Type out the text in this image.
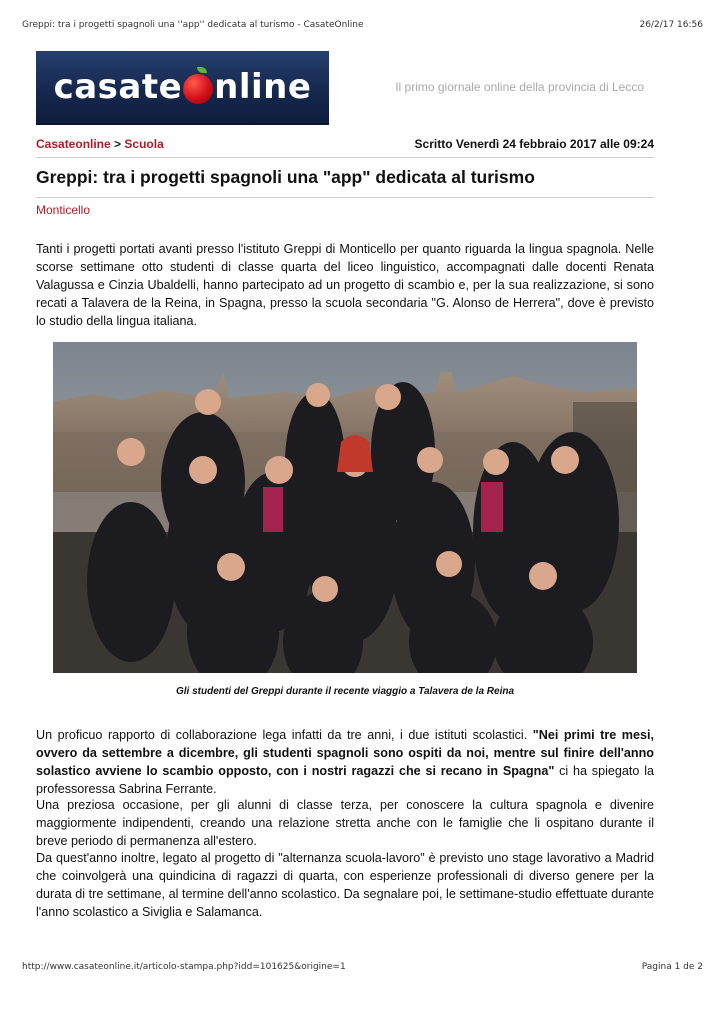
Greppi: tra i progetti spagnoli una ''app'' dedicata al turismo - CasateOnline	26/2/17 16:56
casate nline	Il primo giornale online della provincia di Lecco
Casateonline > Scuola	Scritto Venerdì 24 febbraio 2017 alle 09:24
Greppi: tra i progetti spagnoli una "app" dedicata al turismo
Monticello

Tanti i progetti portati avanti presso l'istituto Greppi di Monticello per quanto riguarda la lingua spagnola. Nelle scorse settimane otto studenti di classe quarta del liceo linguistico, accompagnati dalle docenti Renata Valagussa e Cinzia Ubaldelli, hanno partecipato ad un progetto di scambio e, per la sua realizzazione, si sono recati a Talavera de la Reina, in Spagna, presso la scuola secondaria "G. Alonso de Herrera", dove è previsto lo studio della lingua italiana.

Gli studenti del Greppi durante il recente viaggio a Talavera de la Reina

Un proficuo rapporto di collaborazione lega infatti da tre anni, i due istituti scolastici. "Nei primi tre mesi, ovvero da settembre a dicembre, gli studenti spagnoli sono ospiti da noi, mentre sul finire dell'anno solastico avviene lo scambio opposto, con i nostri ragazzi che si recano in Spagna" ci ha spiegato la professoressa Sabrina Ferrante.

Una preziosa occasione, per gli alunni di classe terza, per conoscere la cultura spagnola e divenire maggiormente indipendenti, creando una relazione stretta anche con le famiglie che li ospitano durante il breve periodo di permanenza all'estero.

Da quest'anno inoltre, legato al progetto di "alternanza scuola-lavoro" è previsto uno stage lavorativo a Madrid che coinvolgerà una quindicina di ragazzi di quarta, con esperienze professionali di diverso genere per la durata di tre settimane, al termine dell'anno scolastico. Da segnalare poi, le settimane-studio effettuate durante l'anno scolastico a Siviglia e Salamanca.

http://www.casateonline.it/articolo-stampa.php?idd=101625&origine=1	Pagina 1 de 2
